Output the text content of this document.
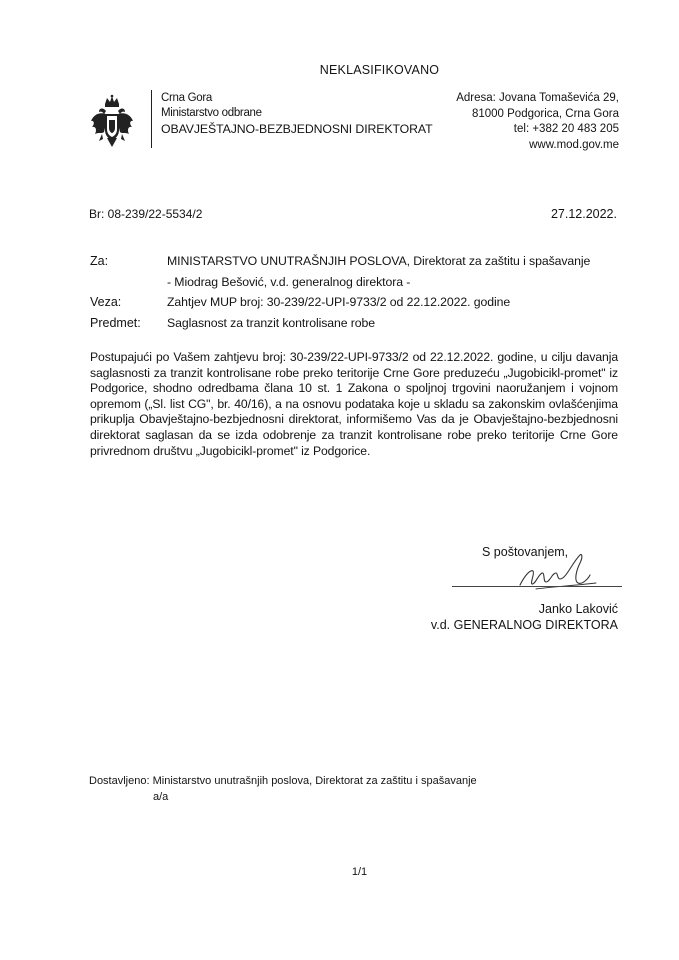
NEKLASIFIKOVANO
Crna Gora
Ministarstvo odbrane
OBAVJEŠTAJNO-BEZBJEDNOSNI DIREKTORAT
Adresa: Jovana Tomaševića 29,
81000 Podgorica, Crna Gora
tel: +382 20 483 205
www.mod.gov.me
Br: 08-239/22-5534/2	27.12.2022.
Za:	MINISTARSTVO UNUTRAŠNJIH POSLOVA, Direktorat za zaštitu i spašavanje
- Miodrag Bešović, v.d. generalnog direktora -
Veza:	Zahtjev MUP broj: 30-239/22-UPI-9733/2 od 22.12.2022. godine
Predmet: Saglasnost za tranzit kontrolisane robe
Postupajući po Vašem zahtjevu broj: 30-239/22-UPI-9733/2 od 22.12.2022. godine, u cilju davanja saglasnosti za tranzit kontrolisane robe preko teritorije Crne Gore preduzeću „Jugobicikl-promet" iz Podgorice, shodno odredbama člana 10 st. 1 Zakona o spoljnoj trgovini naoružanjem i vojnom opremom („Sl. list CG", br. 40/16), a na osnovu podataka koje u skladu sa zakonskim ovlašćenjima prikuplja Obavještajno-bezbjednosni direktorat, informišemo Vas da je Obavještajno-bezbjednosni direktorat saglasan da se izda odobrenje za tranzit kontrolisane robe preko teritorije Crne Gore privrednom društvu „Jugobicikl-promet" iz Podgorice.
S poštovanjem,
Janko Laković
v.d. GENERALNOG DIREKTORA
Dostavljeno: Ministarstvo unutrašnjih poslova, Direktorat za zaštitu i spašavanje
a/a
1/1
